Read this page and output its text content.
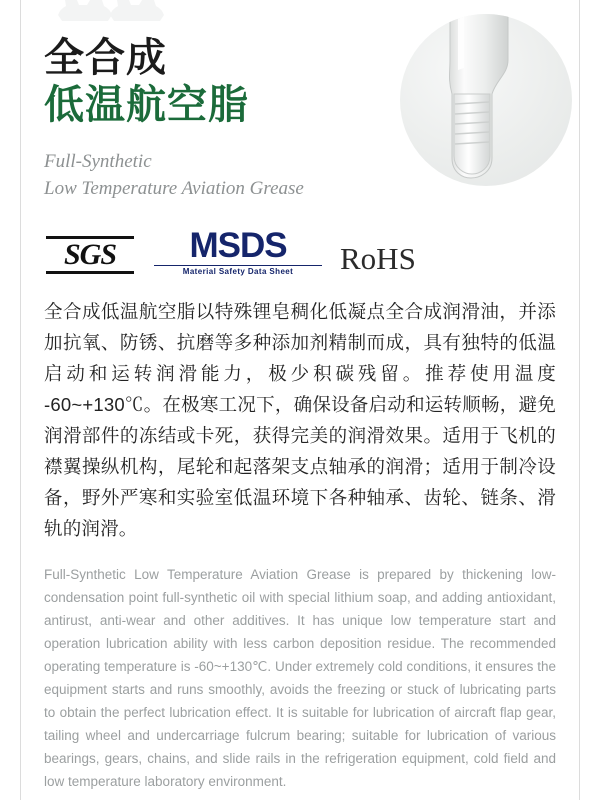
全合成
低温航空脂
Full-Synthetic
Low Temperature Aviation Grease
SGS	MSDS
Material Safety Data Sheet	RoHS

全合成低温航空脂以特殊锂皂稠化低凝点全合成润滑油，并添加抗氧、防锈、抗磨等多种添加剂精制而成，具有独特的低温启动和运转润滑能力，极少积碳残留。推荐使用温度 -60~+130℃。在极寒工况下，确保设备启动和运转顺畅，避免润滑部件的冻结或卡死，获得完美的润滑效果。适用于飞机的襟翼操纵机构，尾轮和起落架支点轴承的润滑；适用于制冷设备，野外严寒和实验室低温环境下各种轴承、齿轮、链条、滑轨的润滑。

Full-Synthetic Low Temperature Aviation Grease is prepared by thickening low-condensation point full-synthetic oil with special lithium soap, and adding antioxidant, antirust, anti-wear and other additives. It has unique low temperature start and operation lubrication ability with less carbon deposition residue. The recommended operating temperature is -60~+130℃. Under extremely cold conditions, it ensures the equipment starts and runs smoothly, avoids the freezing or stuck of lubricating parts to obtain the perfect lubrication effect. It is suitable for lubrication of aircraft flap gear, tailing wheel and undercarriage fulcrum bearing; suitable for lubrication of various bearings, gears, chains, and slide rails in the refrigeration equipment, cold field and low temperature laboratory environment.
